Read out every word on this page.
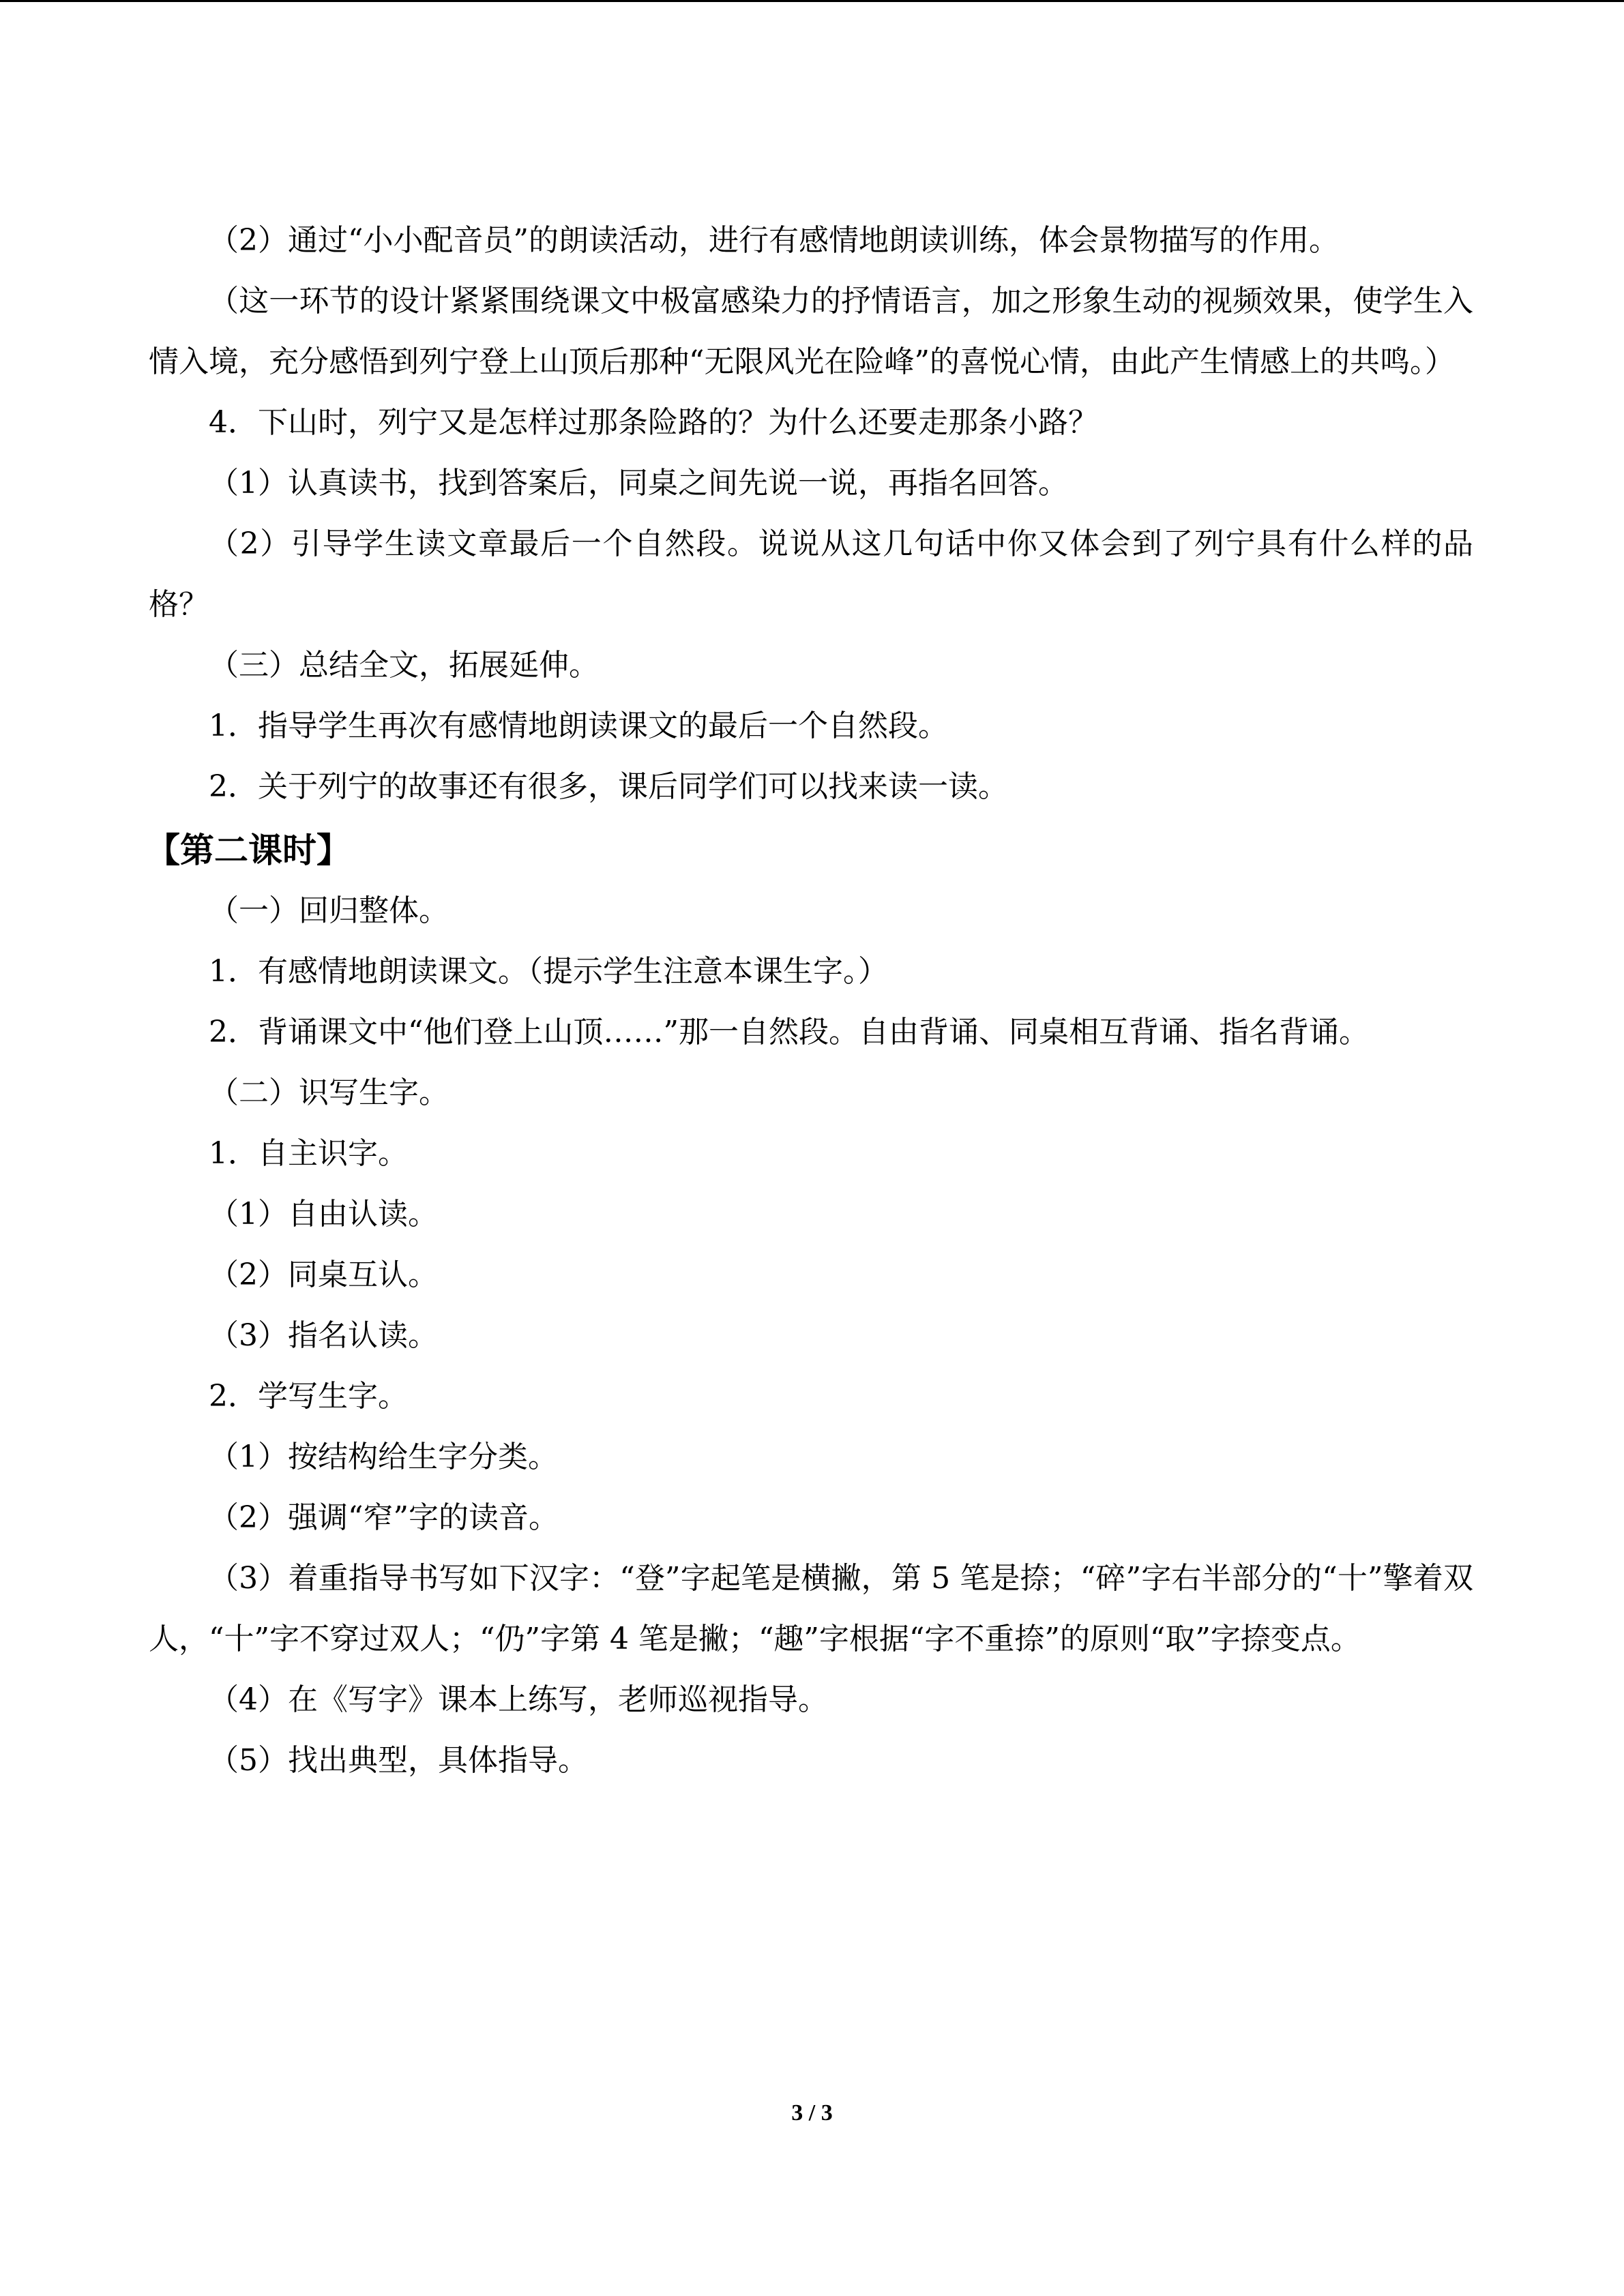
（2）通过“小小配音员”的朗读活动，进行有感情地朗读训练，体会景物描写的作用。

（这一环节的设计紧紧围绕课文中极富感染力的抒情语言，加之形象生动的视频效果，使学生入情入境，充分感悟到列宁登上山顶后那种“无限风光在险峰”的喜悦心情，由此产生情感上的共鸣。）

4．下山时，列宁又是怎样过那条险路的？为什么还要走那条小路？

（1）认真读书，找到答案后，同桌之间先说一说，再指名回答。

（2）引导学生读文章最后一个自然段。说说从这几句话中你又体会到了列宁具有什么样的品格？

（三）总结全文，拓展延伸。

1．指导学生再次有感情地朗读课文的最后一个自然段。

2．关于列宁的故事还有很多，课后同学们可以找来读一读。

【第二课时】

（一）回归整体。

1．有感情地朗读课文。（提示学生注意本课生字。）

2．背诵课文中“他们登上山顶……”那一自然段。自由背诵、同桌相互背诵、指名背诵。

（二）识写生字。

1．自主识字。

（1）自由认读。

（2）同桌互认。

（3）指名认读。

2．学写生字。

（1）按结构给生字分类。

（2）强调“窄”字的读音。

（3）着重指导书写如下汉字：“登”字起笔是横撇，第 5 笔是捺；“碎”字右半部分的“十”擎着双人，“十”字不穿过双人；“仍”字第 4 笔是撇；“趣”字根据“字不重捺”的原则“取”字捺变点。

（4）在《写字》课本上练写，老师巡视指导。

（5）找出典型，具体指导。

3 / 3
